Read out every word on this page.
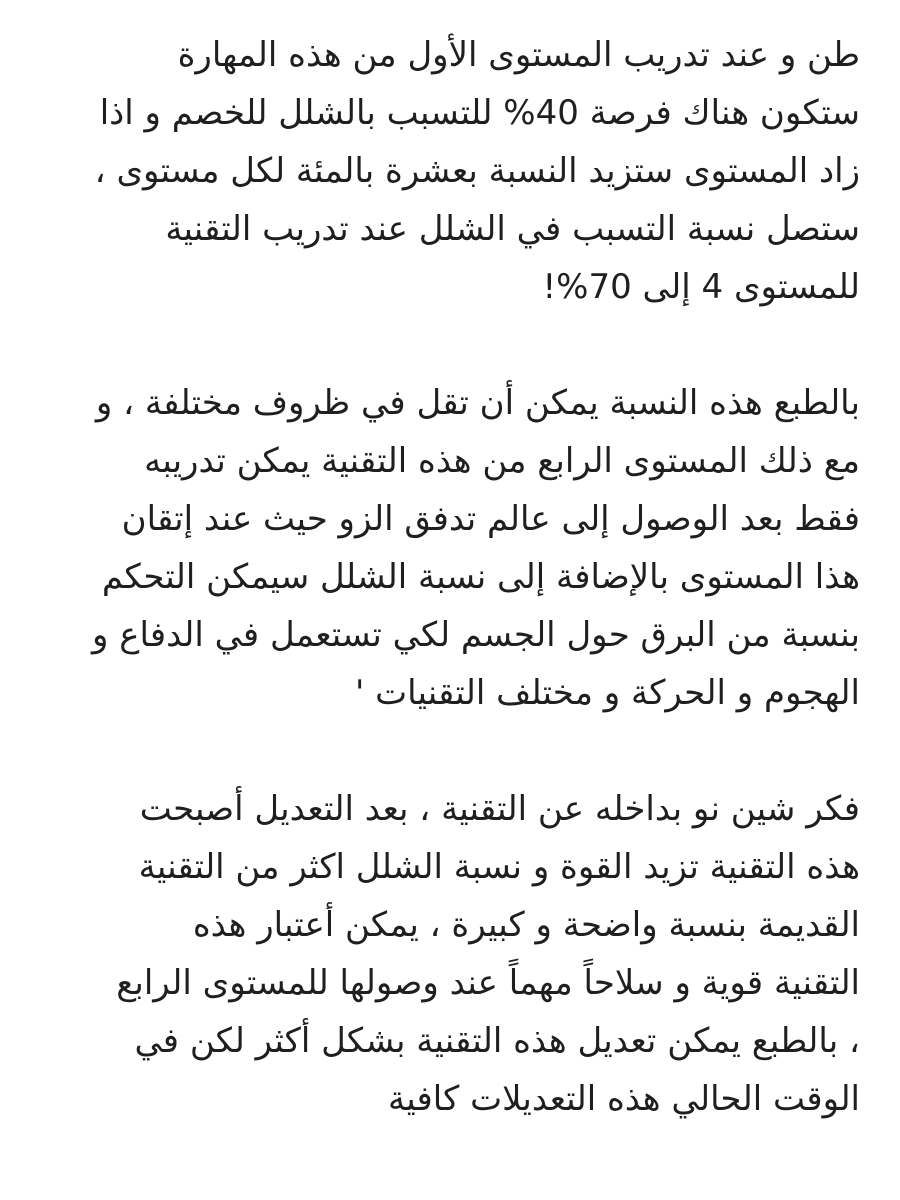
طن و عند تدريب المستوى الأول من هذه المهارة
ستكون هناك فرصة 40% للتسبب بالشلل للخصم و اذا
زاد المستوى ستزيد النسبة بعشرة بالمئة لكل مستوى ،
ستصل نسبة التسبب في الشلل عند تدريب التقنية
للمستوى 4 إلى 70%!

بالطبع هذه النسبة يمكن أن تقل في ظروف مختلفة ، و
مع ذلك المستوى الرابع من هذه التقنية يمكن تدريبه
فقط بعد الوصول إلى عالم تدفق الزو حيث عند إتقان
هذا المستوى بالإضافة إلى نسبة الشلل سيمكن التحكم
بنسبة من البرق حول الجسم لكي تستعمل في الدفاع و
الهجوم و الحركة و مختلف التقنيات '

فكر شين نو بداخله عن التقنية ، بعد التعديل أصبحت
هذه التقنية تزيد القوة و نسبة الشلل اكثر من التقنية
القديمة بنسبة واضحة و كبيرة ، يمكن أعتبار هذه
التقنية قوية و سلاحاً مهماً عند وصولها للمستوى الرابع
، بالطبع يمكن تعديل هذه التقنية بشكل أكثر لكن في
الوقت الحالي هذه التعديلات كافية
